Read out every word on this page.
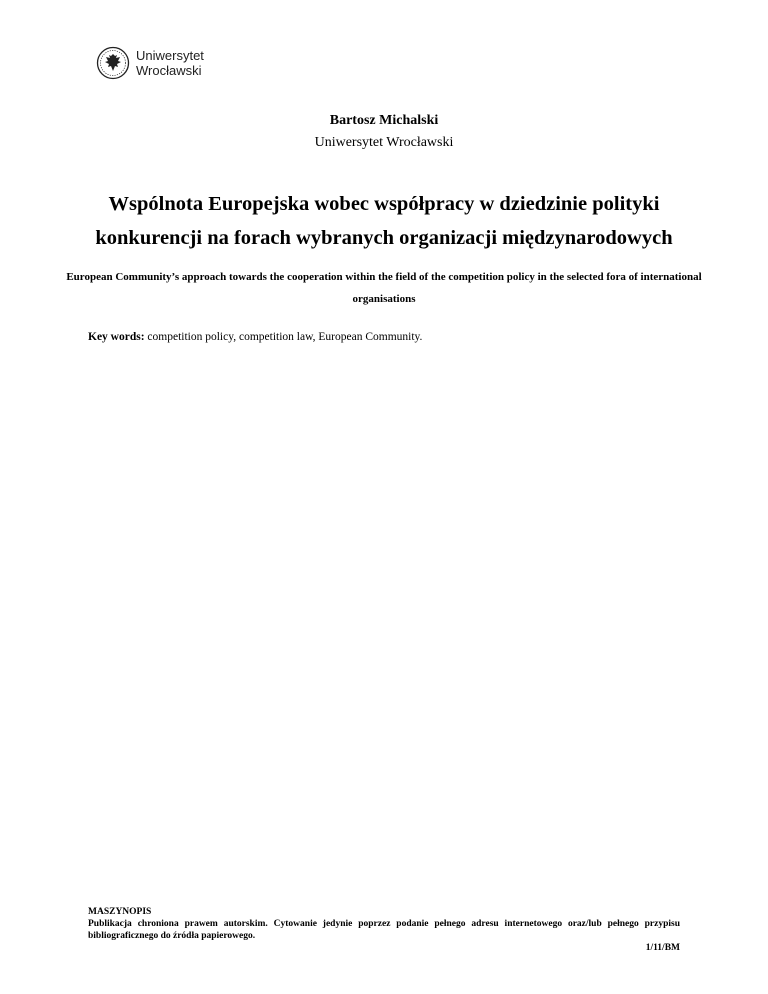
Uniwersytet
Wrocławski
Bartosz Michalski
Uniwersytet Wrocławski
Wspólnota Europejska wobec współpracy w dziedzinie polityki konkurencji na forach wybranych organizacji międzynarodowych
European Community’s approach towards the cooperation within the field of the competition policy in the selected fora of international organisations
Key words: competition policy, competition law, European Community.
MASZYNOPIS
Publikacja chroniona prawem autorskim. Cytowanie jedynie poprzez podanie pełnego adresu internetowego oraz/lub pełnego przypisu bibliograficznego do źródła papierowego.
1/11/BM
